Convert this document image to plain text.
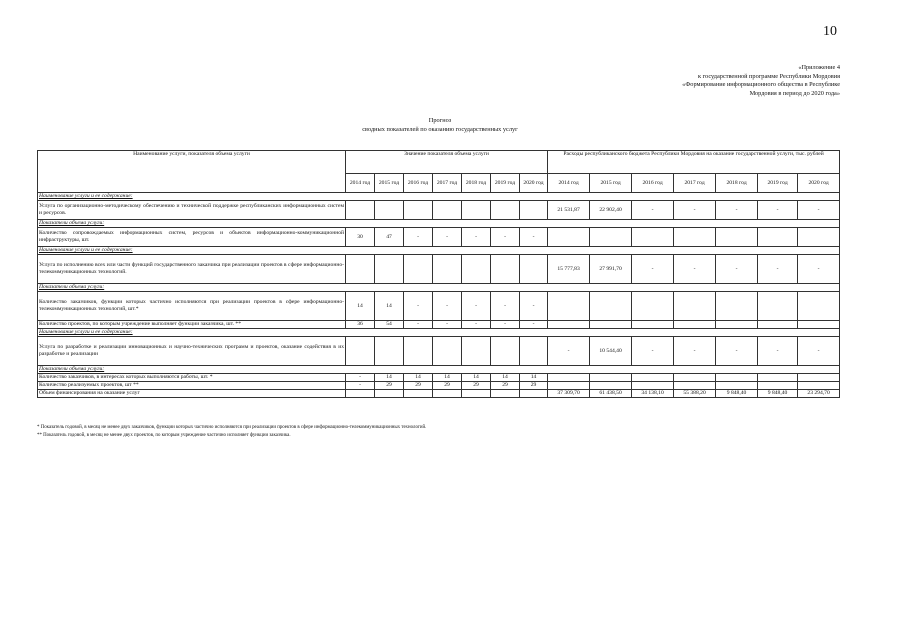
10
«Приложение 4
к государственной программе Республики Мордовия
«Формирование информационного общества в Республике
Мордовия в период до 2020 года»
Прогноз
сводных показателей по оказанию государственных услуг
Наименование услуги, показателя объема услуги	Значение показателя объема услуги							Расходы республиканского бюджета Республики Мордовия на оказание государственной услуги, тыс. рублей						
	2014 год	2015 год	2016 год	2017 год	2018 год	2019 год	2020 год	2014 год	2015 год	2016 год	2017 год	2018 год	2019 год	2020 год
Наименование услуги и ее содержание:														
Услуга по организационно-методическому обеспечению и технической поддержке республиканских информационных систем и ресурсов.								21 531,87	22 902,40	-	-	-	-	-
Показатели объема услуги:														
Количество сопровождаемых информационных систем, ресурсов и объектов информационно-коммуникационной инфраструктуры, шт.	30	47	-	-	-	-	-							
Наименование услуги и ее содержание:														
Услуга по исполнению всех или части функций государственного заказчика при реализации проектов в сфере информационно-телекоммуникационных технологий.								15 777,83	27 991,70	-	-	-	-	-
Показатели объема услуги:														
Количество заказчиков, функции которых частично исполняются при реализации проектов в сфере информационно-телекоммуникационных технологий, шт.*	14	14	-	-	-	-	-							
Количество проектов, по которым учреждение выполняет функции заказчика, шт. **	36	54	-	-	-	-	-							
Наименование услуги и ее содержание:														
Услуга по разработке и реализации инновационных и научно-технических программ и проектов, оказание содействия в их разработке и реализации								-	10 544,40	-	-	-	-	-
Показатели объема услуги:														
Количество заказчиков, в интересах которых выполняются работы, шт. *	-	14	14	14	14	14	14							
Количество реализуемых проектов, шт **	-	29	29	29	29	29	29							
Объем финансирования на оказание услуг								37 309,70	61 438,50	34 138,10	55 388,20	9 848,40	9 848,40	23 294,70
* Показатель годовой, в месяц не менее двух заказчиков, функции которых частично исполняются при реализации проектов в сфере информационно-телекоммуникационных технологий.
** Показатель годовой, в месяц не менее двух проектов, по которым учреждение частично исполняет функции заказчика.
